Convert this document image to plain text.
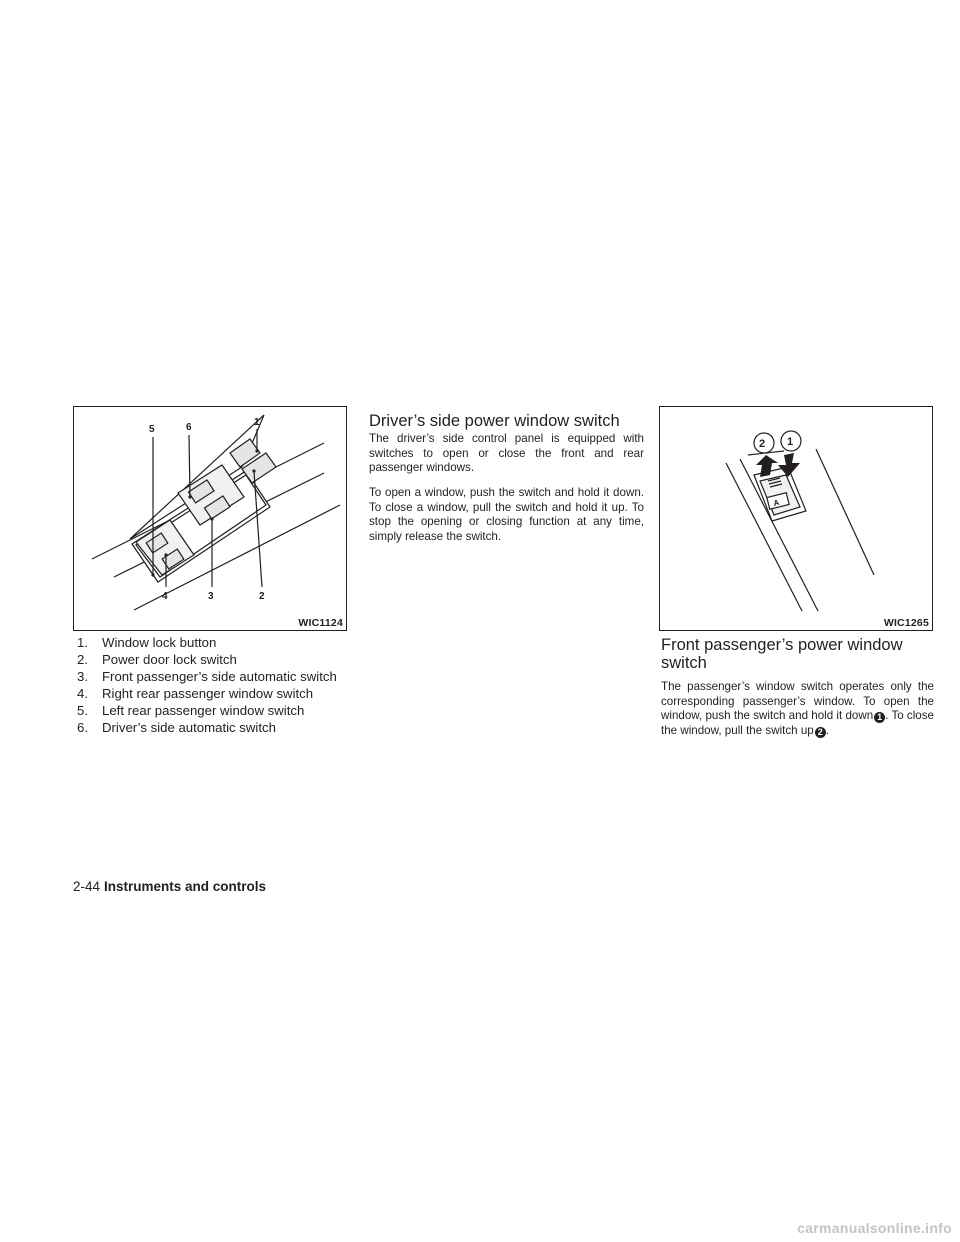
5	6	1
4	3	2
WIC1124
1.	Window lock button
2.	Power door lock switch
3.	Front passenger’s side automatic switch
4.	Right rear passenger window switch
5.	Left rear passenger window switch
6.	Driver’s side automatic switch
Driver’s side power window switch

The driver’s side control panel is equipped with switches to open or close the front and rear passenger windows.

To open a window, push the switch and hold it down. To close a window, pull the switch and hold it up. To stop the opening or closing function at any time, simply release the switch.

2 1
A
WIC1265
Front passenger’s power window
switch

The passenger’s window switch operates only the corresponding passenger’s window. To open the window, push the switch and hold it down 1 . To close the window, pull the switch up 2 .

2-44 Instruments and controls
carmanualsonline.info
